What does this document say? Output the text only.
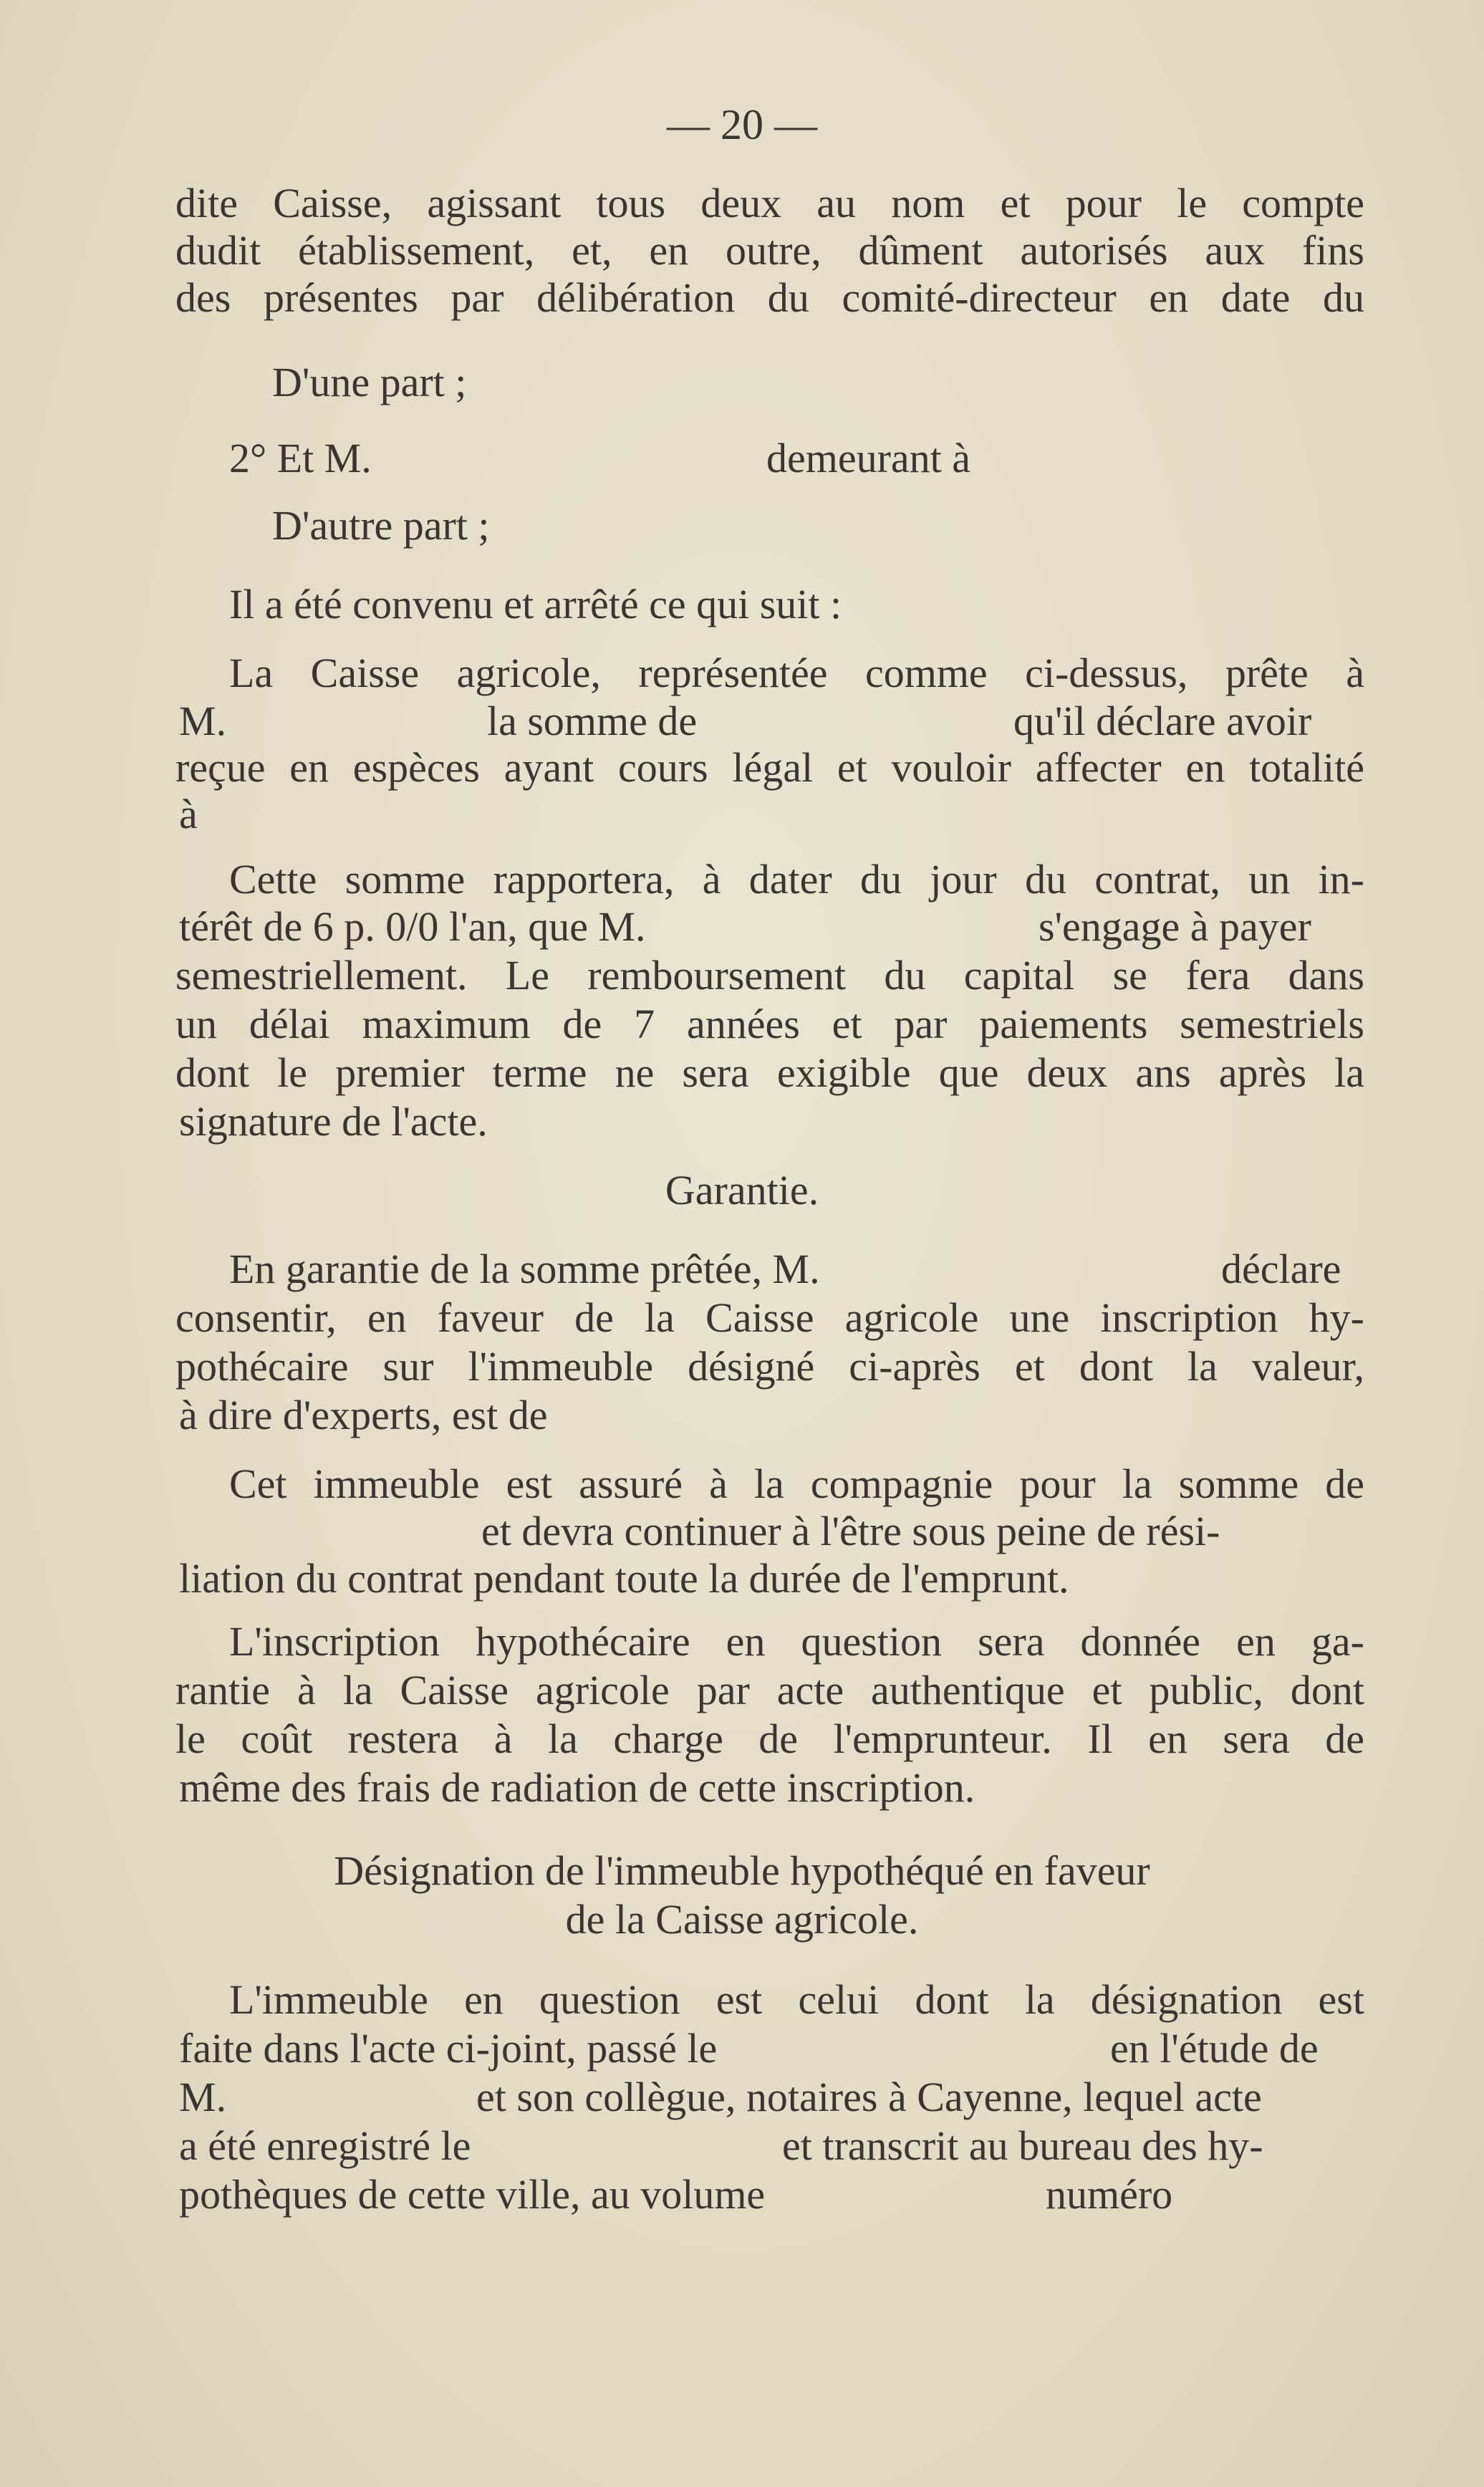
— 20 —
dite Caisse, agissant tous deux au nom et pour le compte
dudit établissement, et, en outre, dûment autorisés aux fins
des présentes par délibération du comité-directeur en date du
D'une part ;
2° Et M.	demeurant à
D'autre part ;
Il a été convenu et arrêté ce qui suit :
La Caisse agricole, représentée comme ci-dessus, prête à
M.	la somme de	qu'il déclare avoir
reçue en espèces ayant cours légal et vouloir affecter en totalité
à
Cette somme rapportera, à dater du jour du contrat, un in-
térêt de 6 p. 0/0 l'an, que M.	s'engage à payer
semestriellement. Le remboursement du capital se fera dans
un délai maximum de 7 années et par paiements semestriels
dont le premier terme ne sera exigible que deux ans après la
signature de l'acte.
Garantie.
En garantie de la somme prêtée, M.	déclare
consentir, en faveur de la Caisse agricole une inscription hy-
pothécaire sur l'immeuble désigné ci-après et dont la valeur,
à dire d'experts, est de
Cet immeuble est assuré à la compagnie pour la somme de
et devra continuer à l'être sous peine de rési-
liation du contrat pendant toute la durée de l'emprunt.
L'inscription hypothécaire en question sera donnée en ga-
rantie à la Caisse agricole par acte authentique et public, dont
le coût restera à la charge de l'emprunteur. Il en sera de
même des frais de radiation de cette inscription.
Désignation de l'immeuble hypothéqué en faveur
de la Caisse agricole.
L'immeuble en question est celui dont la désignation est
faite dans l'acte ci-joint, passé le	en l'étude de
M.	et son collègue, notaires à Cayenne, lequel acte
a été enregistré le	et transcrit au bureau des hy-
pothèques de cette ville, au volume	numéro
